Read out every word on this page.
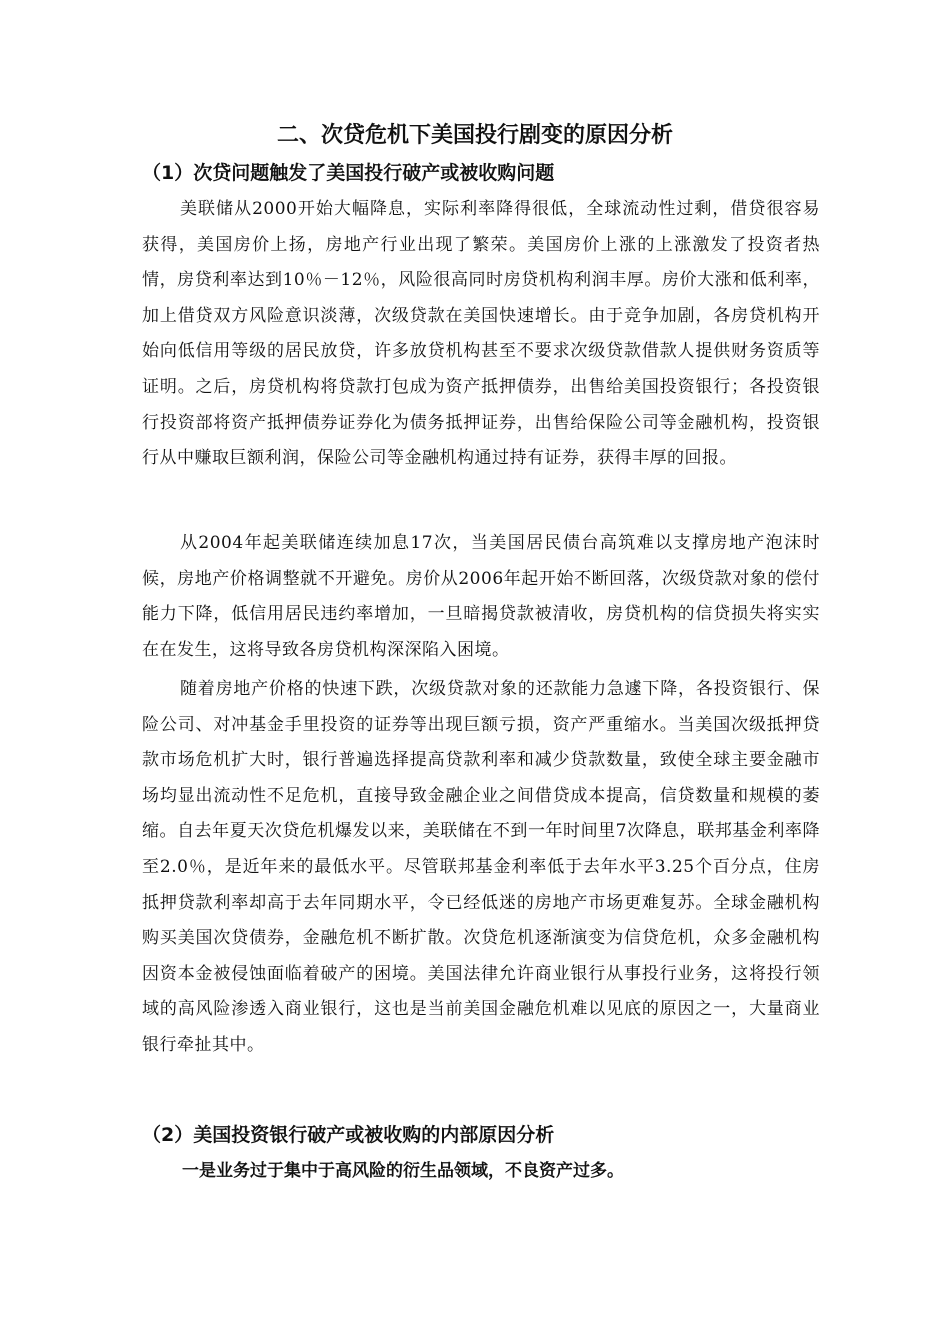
二、次贷危机下美国投行剧变的原因分析
（1）次贷问题触发了美国投行破产或被收购问题

美联储从2000开始大幅降息，实际利率降得很低，全球流动性过剩，借贷很容易获得，美国房价上扬，房地产行业出现了繁荣。美国房价上涨的上涨激发了投资者热情，房贷利率达到10％－12％，风险很高同时房贷机构利润丰厚。房价大涨和低利率，加上借贷双方风险意识淡薄，次级贷款在美国快速增长。由于竞争加剧，各房贷机构开始向低信用等级的居民放贷，许多放贷机构甚至不要求次级贷款借款人提供财务资质等证明。之后，房贷机构将贷款打包成为资产抵押债券，出售给美国投资银行；各投资银行投资部将资产抵押债券证券化为债务抵押证券，出售给保险公司等金融机构，投资银行从中赚取巨额利润，保险公司等金融机构通过持有证券，获得丰厚的回报。

从2004年起美联储连续加息17次，当美国居民债台高筑难以支撑房地产泡沫时候，房地产价格调整就不开避免。房价从2006年起开始不断回落，次级贷款对象的偿付能力下降，低信用居民违约率增加，一旦暗揭贷款被清收，房贷机构的信贷损失将实实在在发生，这将导致各房贷机构深深陷入困境。

随着房地产价格的快速下跌，次级贷款对象的还款能力急遽下降，各投资银行、保险公司、对冲基金手里投资的证券等出现巨额亏损，资产严重缩水。当美国次级抵押贷款市场危机扩大时，银行普遍选择提高贷款利率和减少贷款数量，致使全球主要金融市场均显出流动性不足危机，直接导致金融企业之间借贷成本提高，信贷数量和规模的萎缩。自去年夏天次贷危机爆发以来，美联储在不到一年时间里7次降息，联邦基金利率降至2.0％，是近年来的最低水平。尽管联邦基金利率低于去年水平3.25个百分点，住房抵押贷款利率却高于去年同期水平，令已经低迷的房地产市场更难复苏。全球金融机构购买美国次贷债券，金融危机不断扩散。次贷危机逐渐演变为信贷危机，众多金融机构因资本金被侵蚀面临着破产的困境。美国法律允许商业银行从事投行业务，这将投行领域的高风险渗透入商业银行，这也是当前美国金融危机难以见底的原因之一，大量商业银行牵扯其中。

（2）美国投资银行破产或被收购的内部原因分析

一是业务过于集中于高风险的衍生品领域，不良资产过多。
